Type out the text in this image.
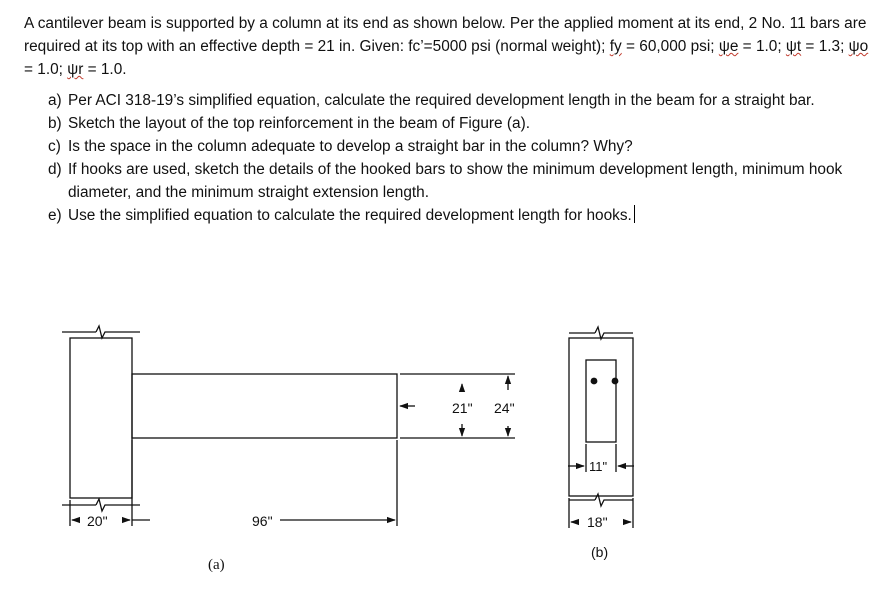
A cantilever beam is supported by a column at its end as shown below. Per the applied moment at its end, 2 No. 11 bars are required at its top with an effective depth = 21 in. Given: fc’=5000 psi (normal weight); fy = 60,000 psi; ψe = 1.0; ψt = 1.3; ψo = 1.0; ψr = 1.0.

a) Per ACI 318-19’s simplified equation, calculate the required development length in the beam for a straight bar.
b) Sketch the layout of the top reinforcement in the beam of Figure (a).
c) Is the space in the column adequate to develop a straight bar in the column? Why?
d) If hooks are used, sketch the details of the hooked bars to show the minimum development length, minimum hook diameter, and the minimum straight extension length.
e) Use the simplified equation to calculate the required development length for hooks.
20"	96"
21" 24"
(a)
11"
18"
(b)
